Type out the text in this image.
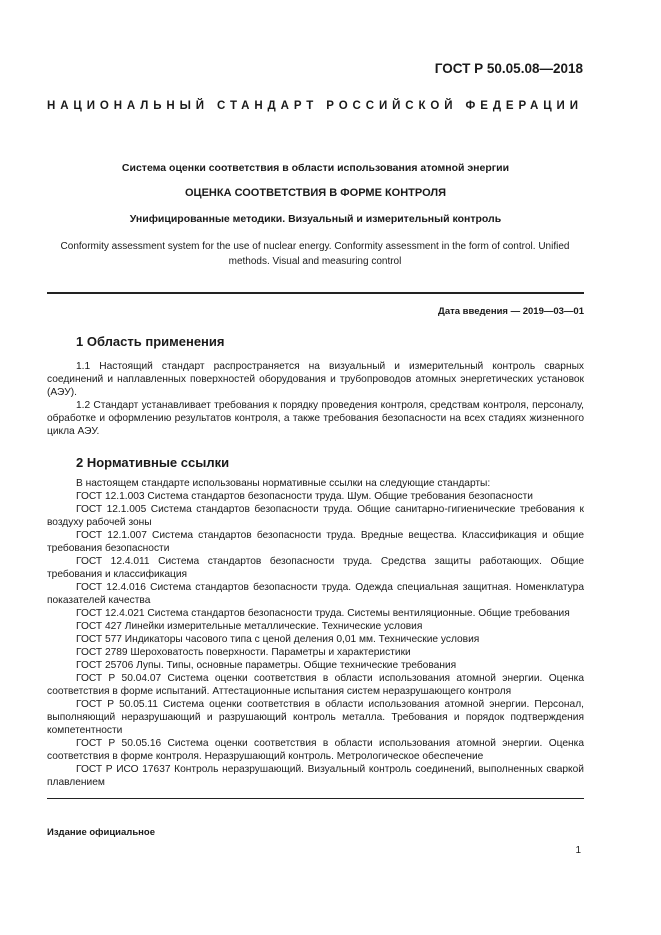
ГОСТ Р 50.05.08—2018
НАЦИОНАЛЬНЫЙ СТАНДАРТ РОССИЙСКОЙ ФЕДЕРАЦИИ
Система оценки соответствия в области использования атомной энергии
ОЦЕНКА СООТВЕТСТВИЯ В ФОРМЕ КОНТРОЛЯ
Унифицированные методики. Визуальный и измерительный контроль
Conformity assessment system for the use of nuclear energy. Conformity assessment in the form of control. Unified methods. Visual and measuring control
Дата введения — 2019—03—01
1 Область применения

1.1 Настоящий стандарт распространяется на визуальный и измерительный контроль сварных соединений и наплавленных поверхностей оборудования и трубопроводов атомных энергетических установок (АЭУ).

1.2 Стандарт устанавливает требования к порядку проведения контроля, средствам контроля, персоналу, обработке и оформлению результатов контроля, а также требования безопасности на всех стадиях жизненного цикла АЭУ.

2 Нормативные ссылки

В настоящем стандарте использованы нормативные ссылки на следующие стандарты:

ГОСТ 12.1.003 Система стандартов безопасности труда. Шум. Общие требования безопасности

ГОСТ 12.1.005 Система стандартов безопасности труда. Общие санитарно-гигиенические требования к воздуху рабочей зоны

ГОСТ 12.1.007 Система стандартов безопасности труда. Вредные вещества. Классификация и общие требования безопасности

ГОСТ 12.4.011 Система стандартов безопасности труда. Средства защиты работающих. Общие требования и классификация

ГОСТ 12.4.016 Система стандартов безопасности труда. Одежда специальная защитная. Номенклатура показателей качества

ГОСТ 12.4.021 Система стандартов безопасности труда. Системы вентиляционные. Общие требования

ГОСТ 427 Линейки измерительные металлические. Технические условия

ГОСТ 577 Индикаторы часового типа с ценой деления 0,01 мм. Технические условия

ГОСТ 2789 Шероховатость поверхности. Параметры и характеристики

ГОСТ 25706 Лупы. Типы, основные параметры. Общие технические требования

ГОСТ Р 50.04.07 Система оценки соответствия в области использования атомной энергии. Оценка соответствия в форме испытаний. Аттестационные испытания систем неразрушающего контроля

ГОСТ Р 50.05.11 Система оценки соответствия в области использования атомной энергии. Персонал, выполняющий неразрушающий и разрушающий контроль металла. Требования и порядок подтверждения компетентности

ГОСТ Р 50.05.16 Система оценки соответствия в области использования атомной энергии. Оценка соответствия в форме контроля. Неразрушающий контроль. Метрологическое обеспечение

ГОСТ Р ИСО 17637 Контроль неразрушающий. Визуальный контроль соединений, выполненных сваркой плавлением

Издание официальное
1
